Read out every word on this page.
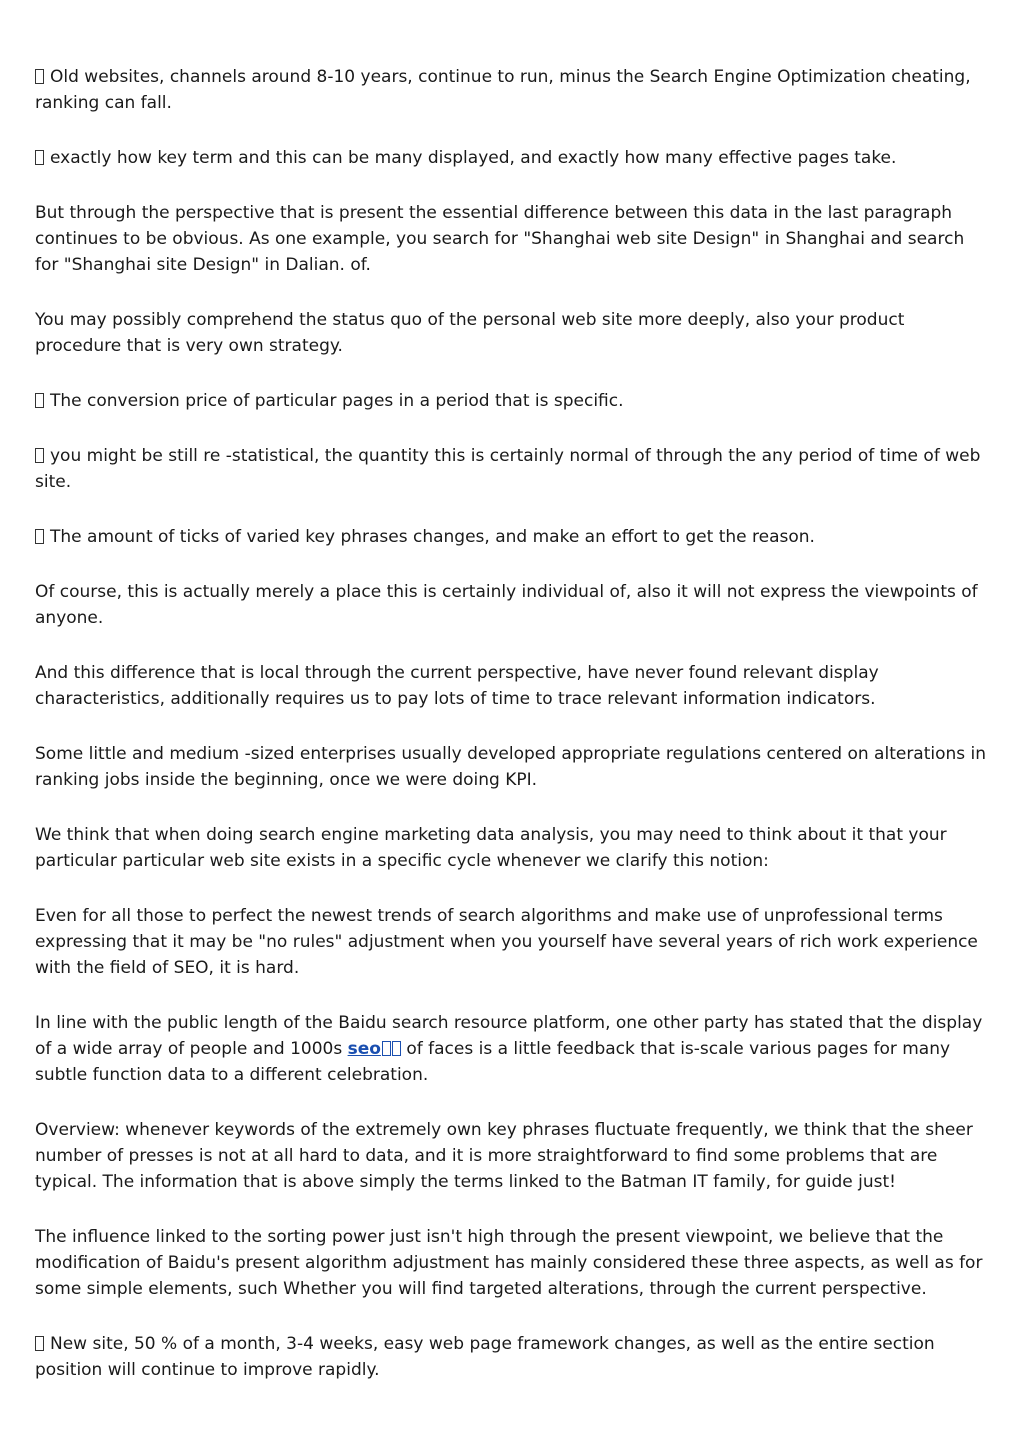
Old websites, channels around 8-10 years, continue to run, minus the Search Engine Optimization cheating, ranking can fall.

exactly how key term and this can be many displayed, and exactly how many effective pages take.

But through the perspective that is present the essential difference between this data in the last paragraph continues to be obvious. As one example, you search for "Shanghai web site Design" in Shanghai and search for "Shanghai site Design" in Dalian. of.

You may possibly comprehend the status quo of the personal web site more deeply, also your product procedure that is very own strategy.

The conversion price of particular pages in a period that is specific.

you might be still re -statistical, the quantity this is certainly normal of through the any period of time of web site.

The amount of ticks of varied key phrases changes, and make an effort to get the reason.

Of course, this is actually merely a place this is certainly individual of, also it will not express the viewpoints of anyone.

And this difference that is local through the current perspective, have never found relevant display characteristics, additionally requires us to pay lots of time to trace relevant information indicators.

Some little and medium -sized enterprises usually developed appropriate regulations centered on alterations in ranking jobs inside the beginning, once we were doing KPI.

We think that when doing search engine marketing data analysis, you may need to think about it that your particular particular web site exists in a specific cycle whenever we clarify this notion:

Even for all those to perfect the newest trends of search algorithms and make use of unprofessional terms expressing that it may be "no rules" adjustment when you yourself have several years of rich work experience with the field of SEO, it is hard.

In line with the public length of the Baidu search resource platform, one other party has stated that the display of a wide array of people and 1000s seo of faces is a little feedback that is-scale various pages for many subtle function data to a different celebration.

Overview: whenever keywords of the extremely own key phrases fluctuate frequently, we think that the sheer number of presses is not at all hard to data, and it is more straightforward to find some problems that are typical. The information that is above simply the terms linked to the Batman IT family, for guide just!

The influence linked to the sorting power just isn't high through the present viewpoint, we believe that the modification of Baidu's present algorithm adjustment has mainly considered these three aspects, as well as for some simple elements, such Whether you will find targeted alterations, through the current perspective.

New site, 50 % of a month, 3-4 weeks, easy web page framework changes, as well as the entire section position will continue to improve rapidly.
